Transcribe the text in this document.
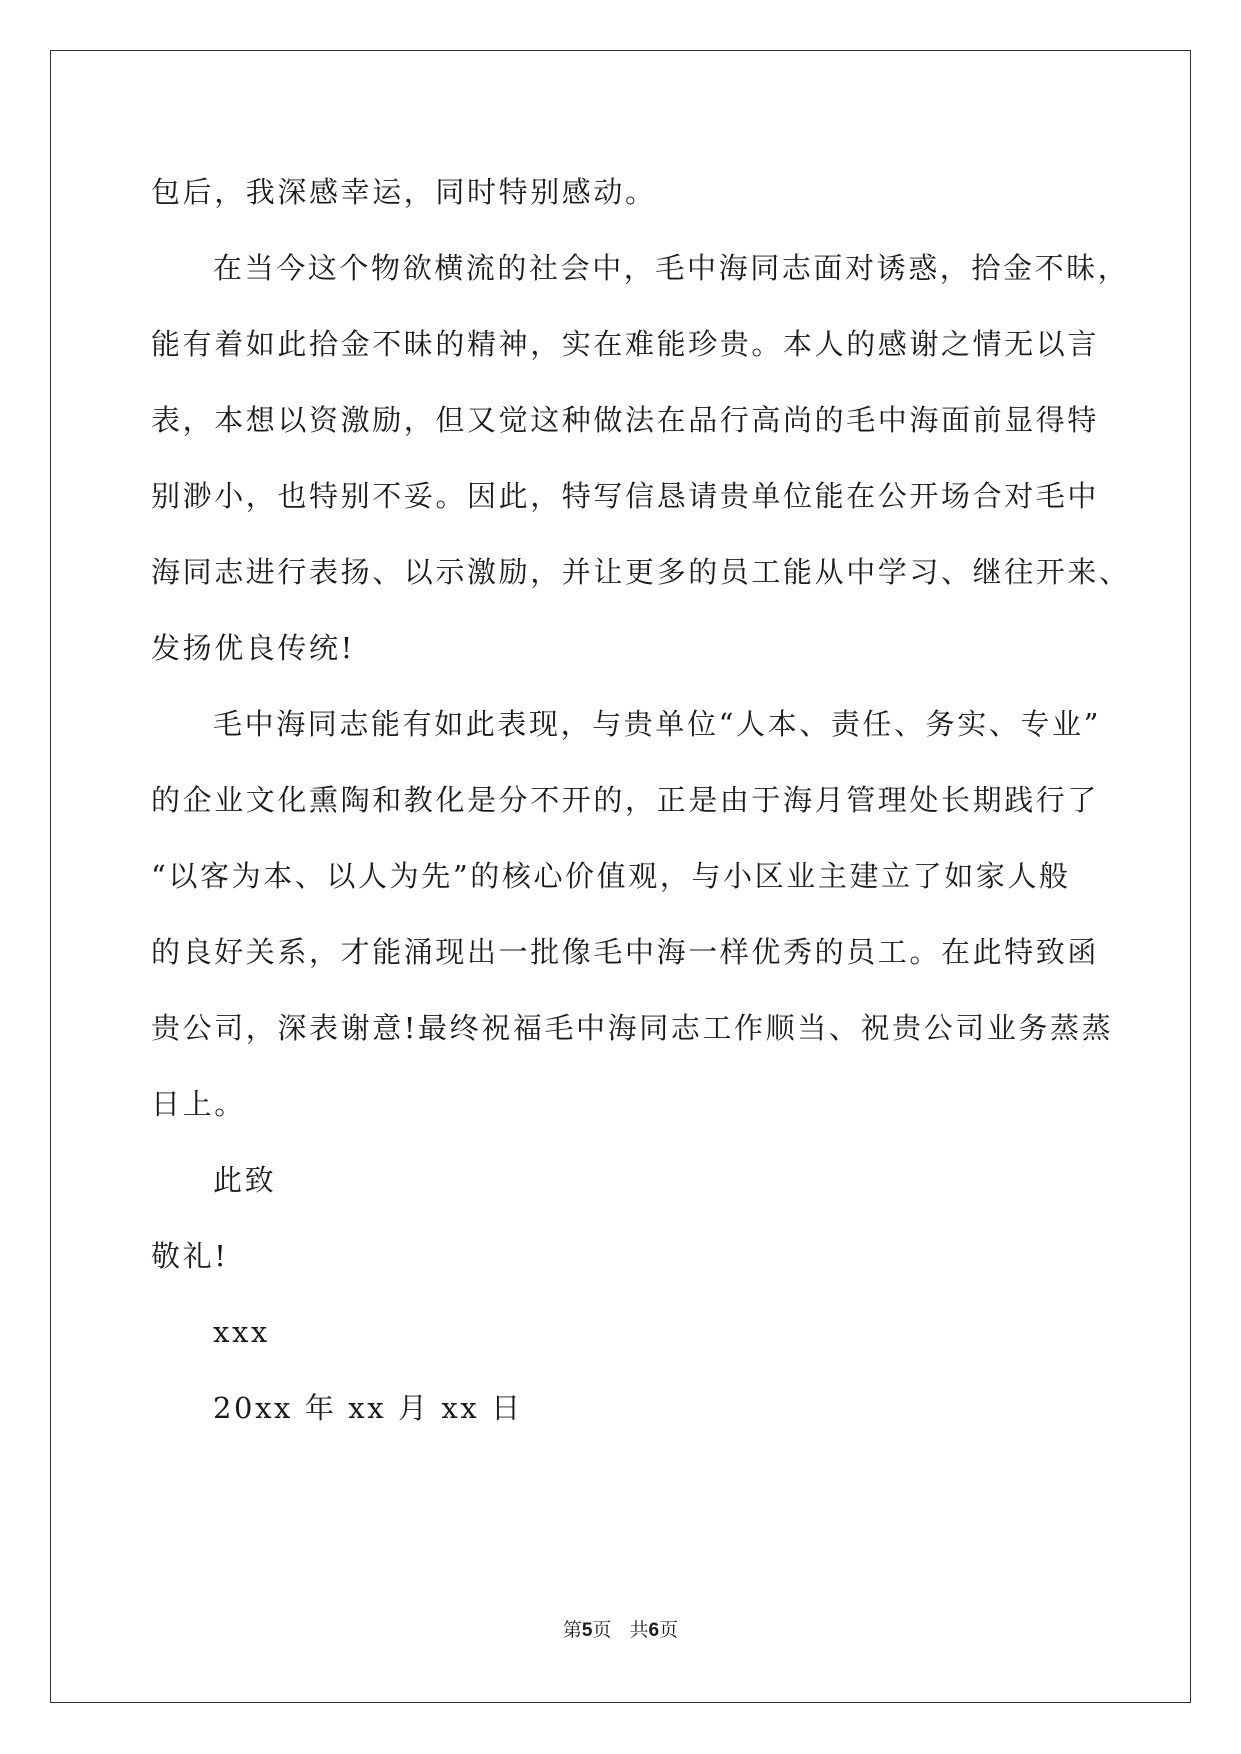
包后，我深感幸运，同时特别感动。
在当今这个物欲横流的社会中，毛中海同志面对诱惑，拾金不昧，
能有着如此拾金不昧的精神，实在难能珍贵。本人的感谢之情无以言
表，本想以资激励，但又觉这种做法在品行高尚的毛中海面前显得特
别渺小，也特别不妥。因此，特写信恳请贵单位能在公开场合对毛中
海同志进行表扬、以示激励，并让更多的员工能从中学习、继往开来、
发扬优良传统!
毛中海同志能有如此表现，与贵单位“人本、责任、务实、专业”
的企业文化熏陶和教化是分不开的，正是由于海月管理处长期践行了
“以客为本、以人为先”的核心价值观，与小区业主建立了如家人般
的良好关系，才能涌现出一批像毛中海一样优秀的员工。在此特致函
贵公司，深表谢意!最终祝福毛中海同志工作顺当、祝贵公司业务蒸蒸
日上。
此致
敬礼!
xxx
20xx 年 xx 月 xx 日
第5页 共6页
